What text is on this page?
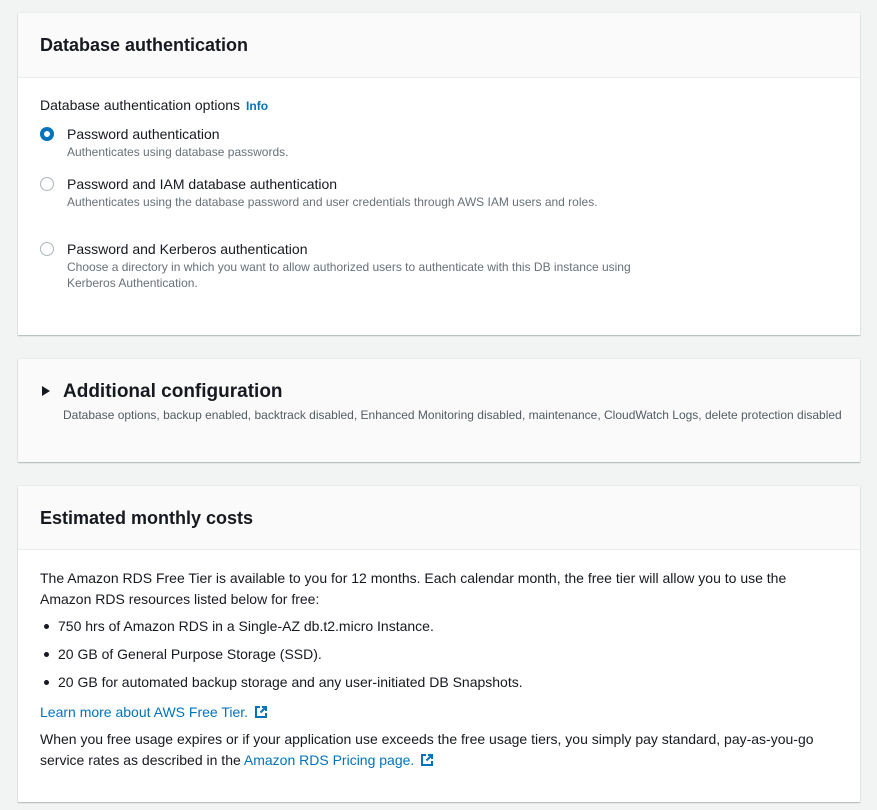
Database authentication
Database authentication options Info
Password authentication
Authenticates using database passwords.
Password and IAM database authentication
Authenticates using the database password and user credentials through AWS IAM users and roles.
Password and Kerberos authentication
Choose a directory in which you want to allow authorized users to authenticate with this DB instance using Kerberos Authentication.
Additional configuration
Database options, backup enabled, backtrack disabled, Enhanced Monitoring disabled, maintenance, CloudWatch Logs, delete protection disabled
Estimated monthly costs
The Amazon RDS Free Tier is available to you for 12 months. Each calendar month, the free tier will allow you to use the Amazon RDS resources listed below for free:
750 hrs of Amazon RDS in a Single-AZ db.t2.micro Instance.
20 GB of General Purpose Storage (SSD).
20 GB for automated backup storage and any user-initiated DB Snapshots.
Learn more about AWS Free Tier.
When you free usage expires or if your application use exceeds the free usage tiers, you simply pay standard, pay-as-you-go service rates as described in the Amazon RDS Pricing page.
